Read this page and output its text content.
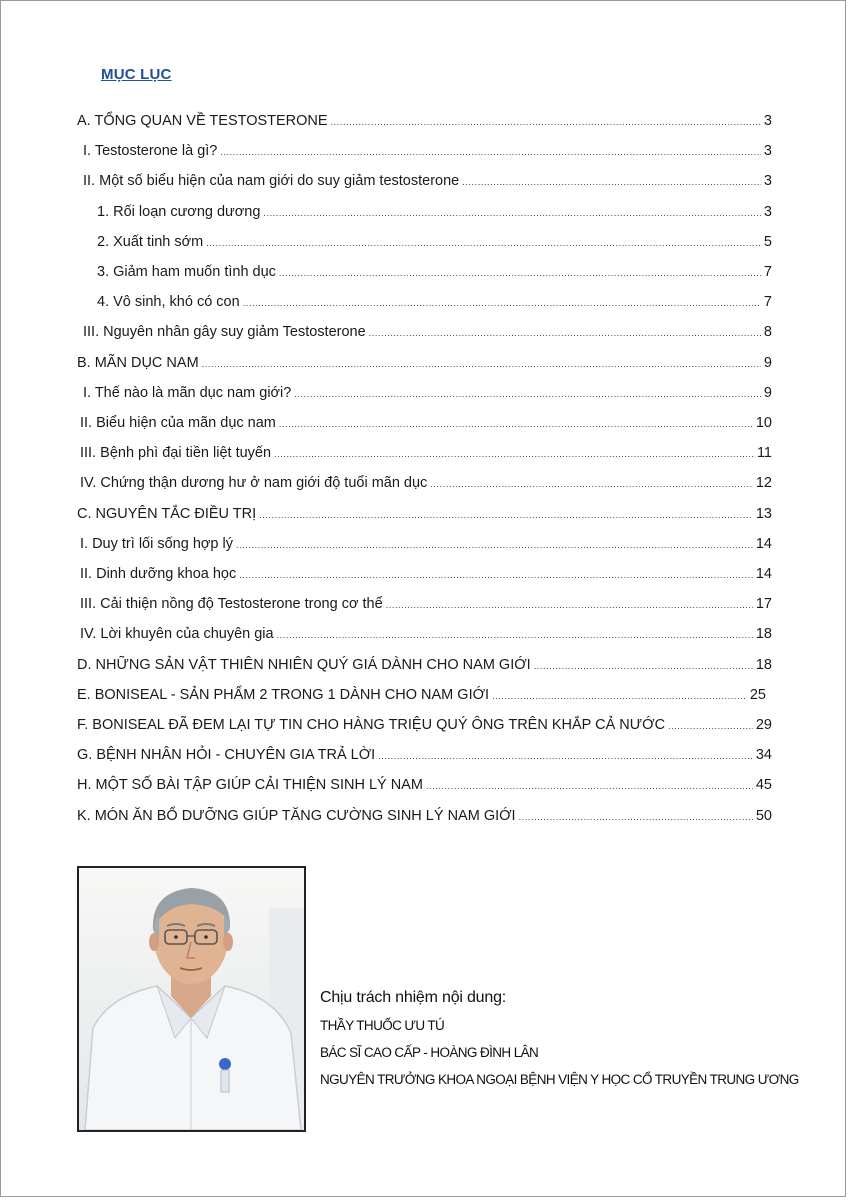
MỤC LỤC
A. TỔNG QUAN VỀ TESTOSTERONE .....	3
I. Testosterone là gì? .....	3
II. Một số biểu hiện của nam giới do suy giảm testosterone .....	3
1. Rối loạn cương dương .....	3
2. Xuất tinh sớm .....	5
3. Giảm ham muốn tình dục .....	7
4. Vô sinh, khó có con .....	7
III. Nguyên nhân gây suy giảm Testosterone .....	8
B. MÃN DỤC NAM .....	9
I. Thế nào là mãn dục nam giới? .....	9
II. Biểu hiện của mãn dục nam .....	10
III. Bệnh phì đại tiền liệt tuyến .....	11
IV. Chứng thận dương hư ở nam giới độ tuổi mãn dục .....	12
C. NGUYÊN TẮC ĐIỀU TRỊ .....	13
I. Duy trì lối sống hợp lý .....	14
II. Dinh dưỡng khoa học .....	14
III. Cải thiện nồng độ Testosterone trong cơ thể .....	17
IV. Lời khuyên của chuyên gia .....	18
D. NHỮNG SẢN VẬT THIÊN NHIÊN QUÝ GIÁ DÀNH CHO NAM GIỚI .....	18
E. BONISEAL - SẢN PHẨM 2 TRONG 1 DÀNH CHO NAM GIỚI .....	25
F. BONISEAL ĐÃ ĐEM LẠI TỰ TIN CHO HÀNG TRIỆU QUÝ ÔNG TRÊN KHẮP CẢ NƯỚC .....	29
G. BỆNH NHÂN HỎI - CHUYÊN GIA TRẢ LỜI .....	34
H. MỘT SỐ BÀI TẬP GIÚP CẢI THIỆN SINH LÝ NAM .....	45
K. MÓN ĂN BỔ DƯỠNG GIÚP TĂNG CƯỜNG SINH LÝ NAM GIỚI .....	50
Chịu trách nhiệm nội dung:
THẦY THUỐC ƯU TÚ
BÁC SĨ CAO CẤP - HOÀNG ĐÌNH LÂN
NGUYÊN TRƯỞNG KHOA NGOẠI BỆNH VIỆN Y HỌC CỔ TRUYỀN TRUNG ƯƠNG
